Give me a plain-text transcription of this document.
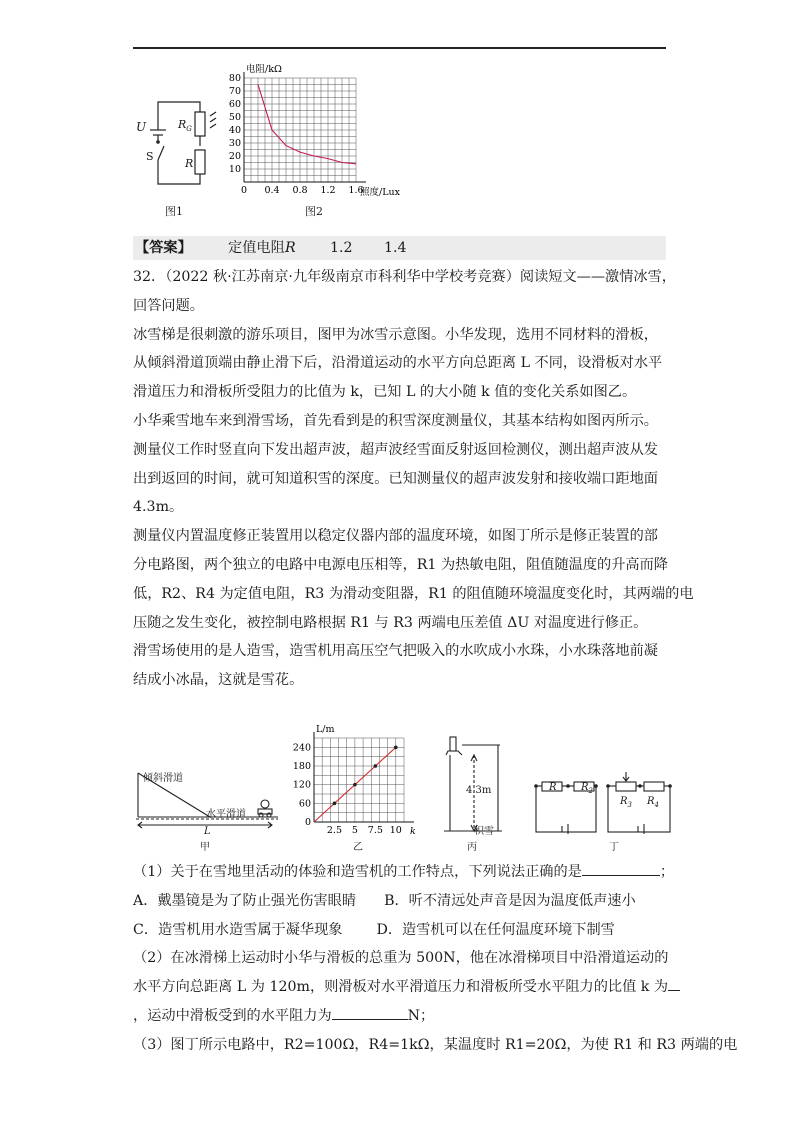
U	$R_G$
S
R
图1
0 0.4 0.8 1.2 1.6
10
20
30
40
50
60
70
80
电阻/kΩ
照度/Lux
图2
【答案】	定值电阻 R 1.2 1.4
32．（2022 秋·江苏南京·九年级南京市科利华中学校考竞赛）阅读短文——激情冰雪，
回答问题。
冰雪梯是很刺激的游乐项目，图甲为冰雪示意图。小华发现，选用不同材料的滑板，
从倾斜滑道顶端由静止滑下后，沿滑道运动的水平方向总距离 L 不同，设滑板对水平
滑道压力和滑板所受阻力的比值为 k，已知 L 的大小随 k 值的变化关系如图乙。
小华乘雪地车来到滑雪场，首先看到是的积雪深度测量仪，其基本结构如图丙所示。
测量仪工作时竖直向下发出超声波，超声波经雪面反射返回检测仪，测出超声波从发
出到返回的时间，就可知道积雪的深度。已知测量仪的超声波发射和接收端口距地面
4.3m。
测量仪内置温度修正装置用以稳定仪器内部的温度环境，如图丁所示是修正装置的部
分电路图，两个独立的电路中电源电压相等，R1 为热敏电阻，阻值随温度的升高而降
低，R2、R4 为定值电阻，R3 为滑动变阻器，R1 的阻值随环境温度变化时，其两端的电
压随之发生变化，被控制电路根据 R1 与 R3 两端电压差值 ΔU 对温度进行修正。
滑雪场使用的是人造雪，造雪机用高压空气把吸入的水吹成小水珠，小水珠落地前凝
结成小冰晶，这就是雪花。
倾斜滑道
水平滑道
L
甲
2.5 5 7.5 10
0
60
120
180
240
L/m
k
乙
4.3m
积雪
丙
R $R_2$
$R_3$ $R_4$
丁
（1）关于在雪地里活动的体验和造雪机的工作特点，下列说法正确的是	；
A．戴墨镜是为了防止强光伤害眼睛 B．听不清远处声音是因为温度低声速小
C．造雪机用水造雪属于凝华现象 D．造雪机可以在任何温度环境下制雪
（2）在冰滑梯上运动时小华与滑板的总重为 500N，他在冰滑梯项目中沿滑道运动的
水平方向总距离 L 为 120m，则滑板对水平滑道压力和滑板所受水平阻力的比值 k 为
，运动中滑板受到的水平阻力为	N；
（3）图丁所示电路中，R2=100Ω，R4=1kΩ，某温度时 R1=20Ω，为使 R1 和 R3 两端的电
